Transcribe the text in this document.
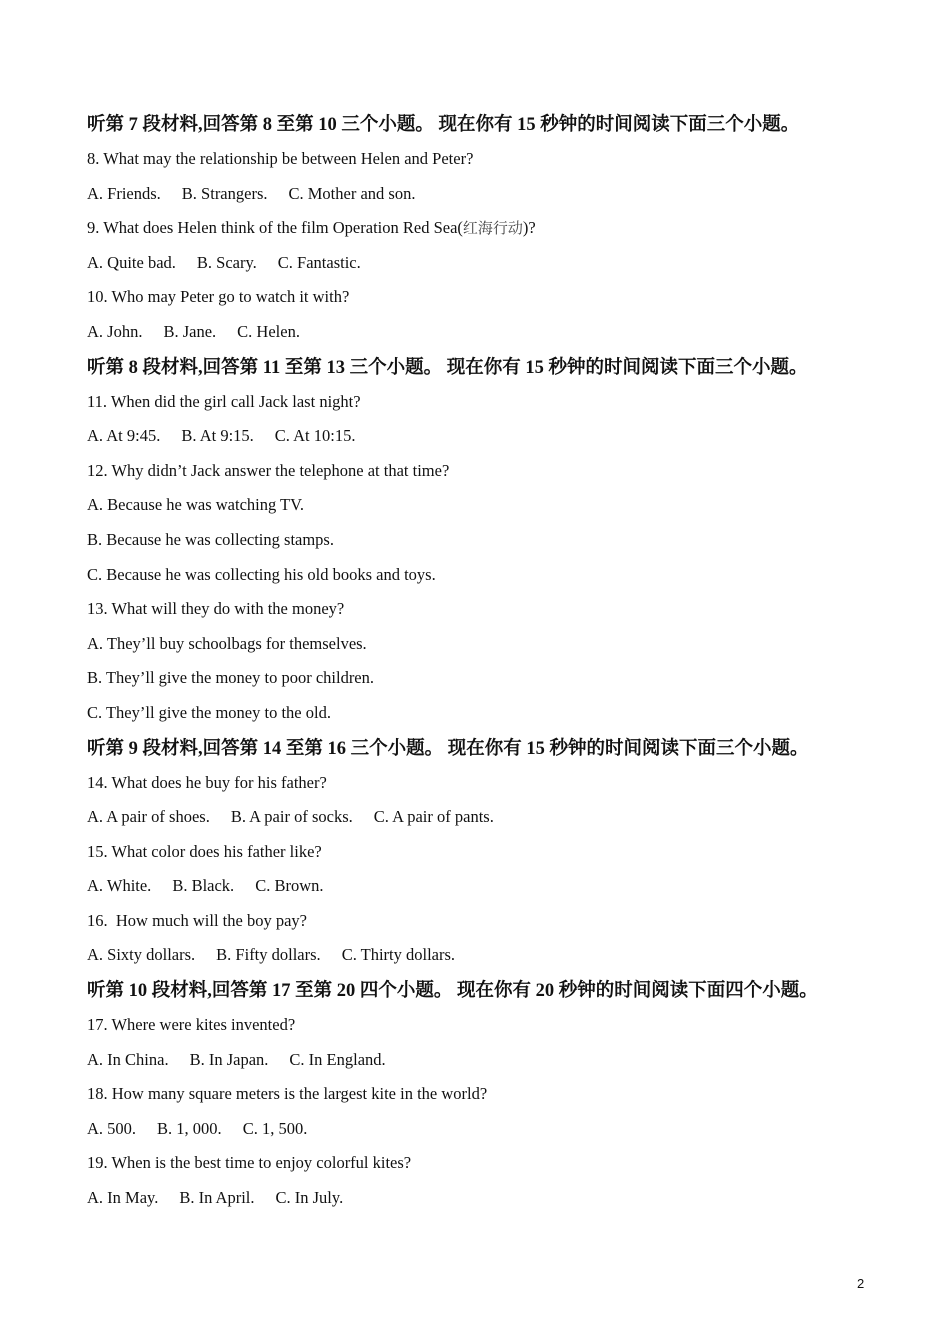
听第 7 段材料,回答第 8 至第 10 三个小题。 现在你有 15 秒钟的时间阅读下面三个小题。
8. What may the relationship be between Helen and Peter?
A. Friends. B. Strangers. C. Mother and son.
9. What does Helen think of the film Operation Red Sea(红海行动)?
A. Quite bad. B. Scary. C. Fantastic.
10. Who may Peter go to watch it with?
A. John. B. Jane. C. Helen.
听第 8 段材料,回答第 11 至第 13 三个小题。 现在你有 15 秒钟的时间阅读下面三个小题。
11. When did the girl call Jack last night?
A. At 9:45. B. At 9:15. C. At 10:15.
12. Why didn’t Jack answer the telephone at that time?
A. Because he was watching TV.
B. Because he was collecting stamps.
C. Because he was collecting his old books and toys.
13. What will they do with the money?
A. They’ll buy schoolbags for themselves.
B. They’ll give the money to poor children.
C. They’ll give the money to the old.
听第 9 段材料,回答第 14 至第 16 三个小题。 现在你有 15 秒钟的时间阅读下面三个小题。
14. What does he buy for his father?
A. A pair of shoes. B. A pair of socks. C. A pair of pants.
15. What color does his father like?
A. White. B. Black. C. Brown.
16.  How much will the boy pay?
A. Sixty dollars. B. Fifty dollars. C. Thirty dollars.
听第 10 段材料,回答第 17 至第 20 四个小题。 现在你有 20 秒钟的时间阅读下面四个小题。
17. Where were kites invented?
A. In China. B. In Japan. C. In England.
18. How many square meters is the largest kite in the world?
A. 500. B. 1, 000. C. 1, 500.
19. When is the best time to enjoy colorful kites?
A. In May. B. In April. C. In July.
2
